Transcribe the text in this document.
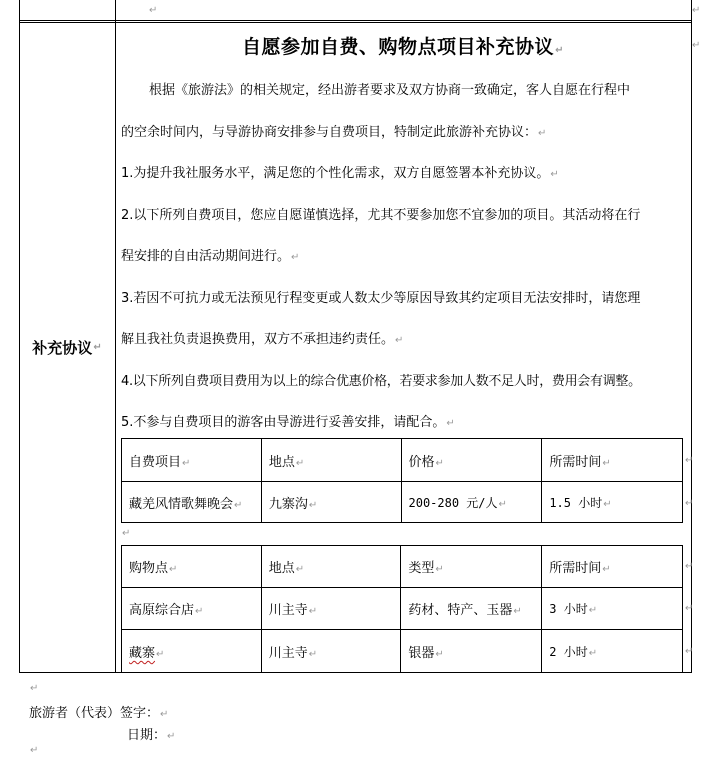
↵	↵
↵
补充协议 ↵
自愿参加自费、购物点项目补充协议↵
根据《旅游法》的相关规定，经出游者要求及双方协商一致确定，客人自愿在行程中
的空余时间内，与导游协商安排参与自费项目，特制定此旅游补充协议：↵
1.为提升我社服务水平，满足您的个性化需求，双方自愿签署本补充协议。↵
2.以下所列自费项目，您应自愿谨慎选择，尤其不要参加您不宜参加的项目。其活动将在行
程安排的自由活动期间进行。↵
3.若因不可抗力或无法预见行程变更或人数太少等原因导致其约定项目无法安排时，请您理
解且我社负责退换费用，双方不承担违约责任。↵
4.以下所列自费项目费用为以上的综合优惠价格，若要求参加人数不足人时，费用会有调整。
5.不参与自费项目的游客由导游进行妥善安排，请配合。↵
自费项目↵	地点↵	价格↵	所需时间↵
藏羌风情歌舞晚会↵	九寨沟↵	200-280 元/人↵	1.5 小时↵
↵
↵
↵
购物点↵	地点↵	类型↵	所需时间↵
高原综合店↵	川主寺↵	药材、特产、玉器↵	3 小时↵
藏寨↵	川主寺↵	银器↵	2 小时↵
↵
↵
↵
↵
旅游者（代表）签字：↵
日期：↵
↵
